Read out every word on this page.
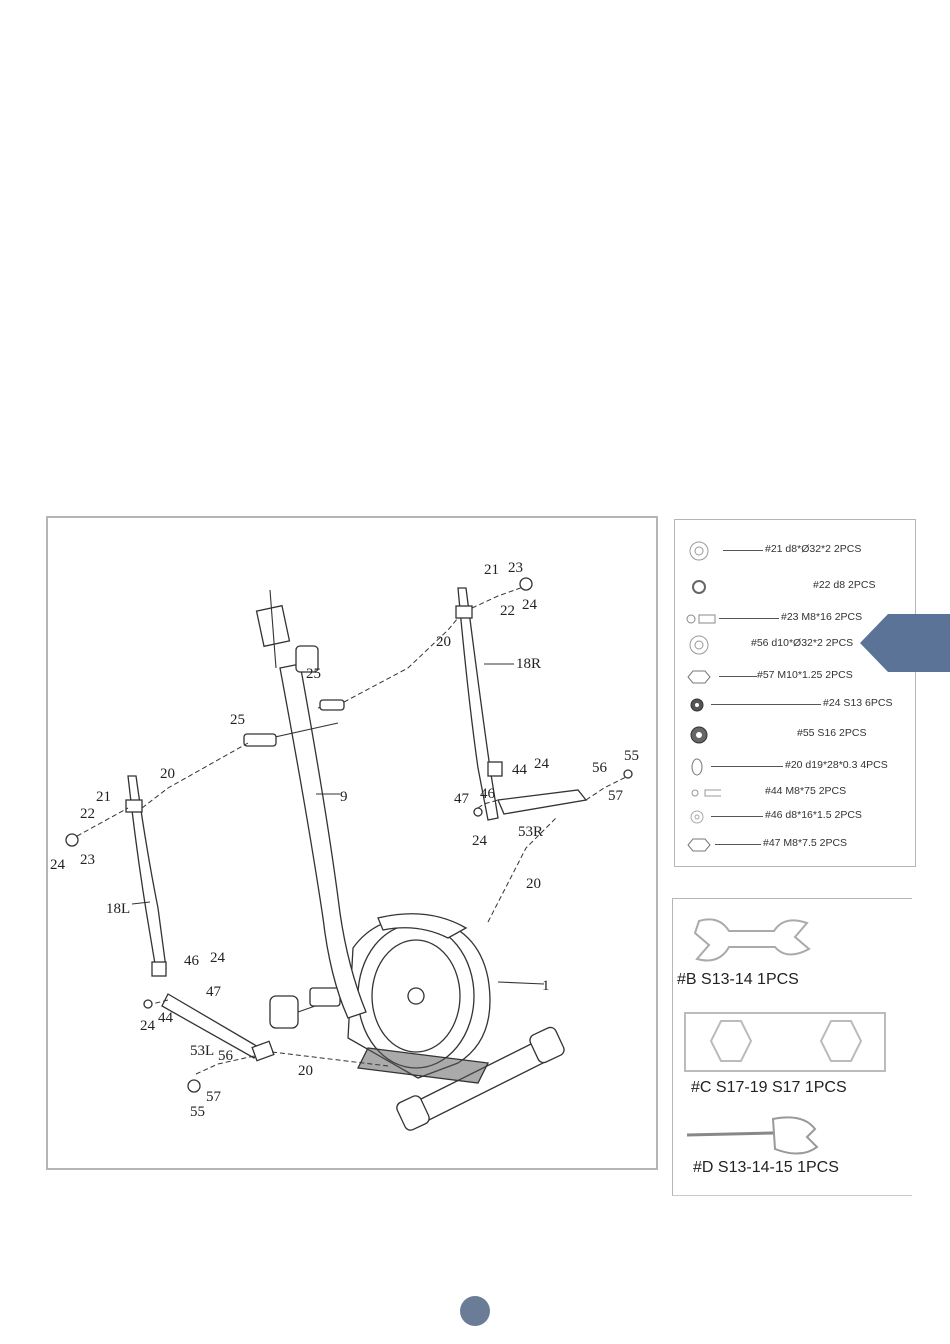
21 23
22 24
20
18R
25
25
20
9
21
22
24 23
18L
44 24
47 46
24
53R
56
55
57
20
1
46 24
47
24 44
53L 56
20
57
55
#21 d8*Ø32*2 2PCS
#22 d8 2PCS
#23 M8*16 2PCS
#56 d10*Ø32*2 2PCS
#57 M10*1.25 2PCS
#24 S13 6PCS
#55 S16 2PCS
#20 d19*28*0.3 4PCS
#44 M8*75 2PCS
#46 d8*16*1.5 2PCS
#47 M8*7.5 2PCS
#B S13-14 1PCS
#C S17-19 S17 1PCS
#D S13-14-15 1PCS
